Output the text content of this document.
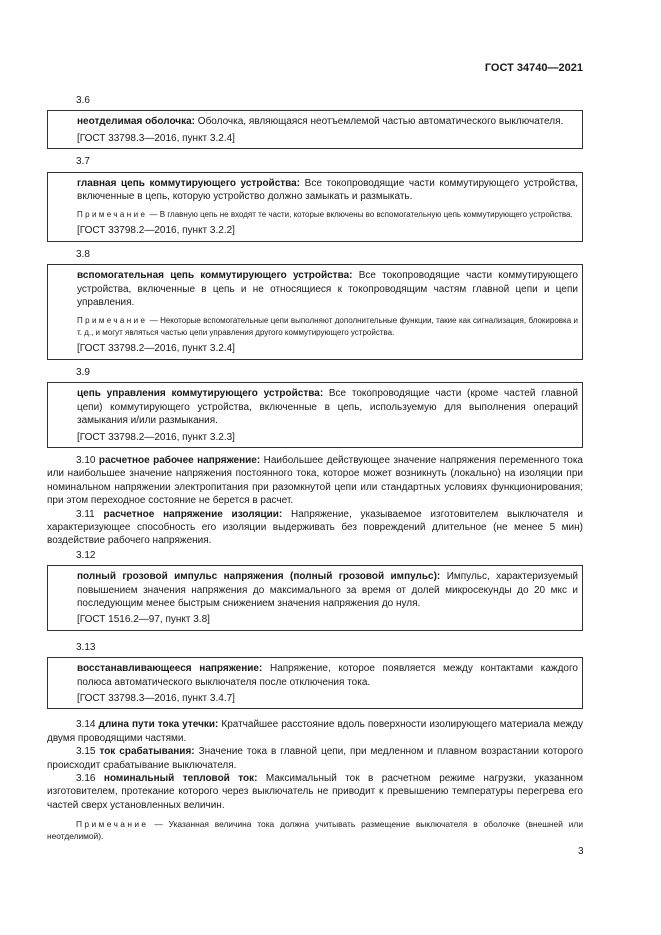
ГОСТ 34740—2021
3.6

неотделимая оболочка: Оболочка, являющаяся неотъемлемой частью автоматического выключателя.

[ГОСТ 33798.3—2016, пункт 3.2.4]

3.7

главная цепь коммутирующего устройства: Все токопроводящие части коммутирующего устройства, включенные в цепь, которую устройство должно замыкать и размыкать.

Примечание — В главную цепь не входят те части, которые включены во вспомогательную цепь коммутирующего устройства.

[ГОСТ 33798.2—2016, пункт 3.2.2]

3.8

вспомогательная цепь коммутирующего устройства: Все токопроводящие части коммутирующего устройства, включенные в цепь и не относящиеся к токопроводящим частям главной цепи и цепи управления.

Примечание — Некоторые вспомогательные цепи выполняют дополнительные функции, такие как сигнализация, блокировка и т. д., и могут являться частью цепи управления другого коммутирующего устройства.

[ГОСТ 33798.2—2016, пункт 3.2.4]

3.9

цепь управления коммутирующего устройства: Все токопроводящие части (кроме частей главной цепи) коммутирующего устройства, включенные в цепь, используемую для выполнения операций замыкания и/или размыкания.

[ГОСТ 33798.2—2016, пункт 3.2.3]

3.10 расчетное рабочее напряжение: Наибольшее действующее значение напряжения переменного тока или наибольшее значение напряжения постоянного тока, которое может возникнуть (локально) на изоляции при номинальном напряжении электропитания при разомкнутой цепи или стандартных условиях функционирования; при этом переходное состояние не берется в расчет.

3.11 расчетное напряжение изоляции: Напряжение, указываемое изготовителем выключателя и характеризующее способность его изоляции выдерживать без повреждений длительное (не менее 5 мин) воздействие рабочего напряжения.

3.12

полный грозовой импульс напряжения (полный грозовой импульс): Импульс, характеризуемый повышением значения напряжения до максимального за время от долей микросекунды до 20 мкс и последующим менее быстрым снижением значения напряжения до нуля.

[ГОСТ 1516.2—97, пункт 3.8]

3.13

восстанавливающееся напряжение: Напряжение, которое появляется между контактами каждого полюса автоматического выключателя после отключения тока.

[ГОСТ 33798.3—2016, пункт 3.4.7]

3.14 длина пути тока утечки: Кратчайшее расстояние вдоль поверхности изолирующего материала между двумя проводящими частями.

3.15 ток срабатывания: Значение тока в главной цепи, при медленном и плавном возрастании которого происходит срабатывание выключателя.

3.16 номинальный тепловой ток: Максимальный ток в расчетном режиме нагрузки, указанном изготовителем, протекание которого через выключатель не приводит к превышению температуры перегрева его частей сверх установленных величин.

Примечание — Указанная величина тока должна учитывать размещение выключателя в оболочке (внешней или неотделимой).

3
